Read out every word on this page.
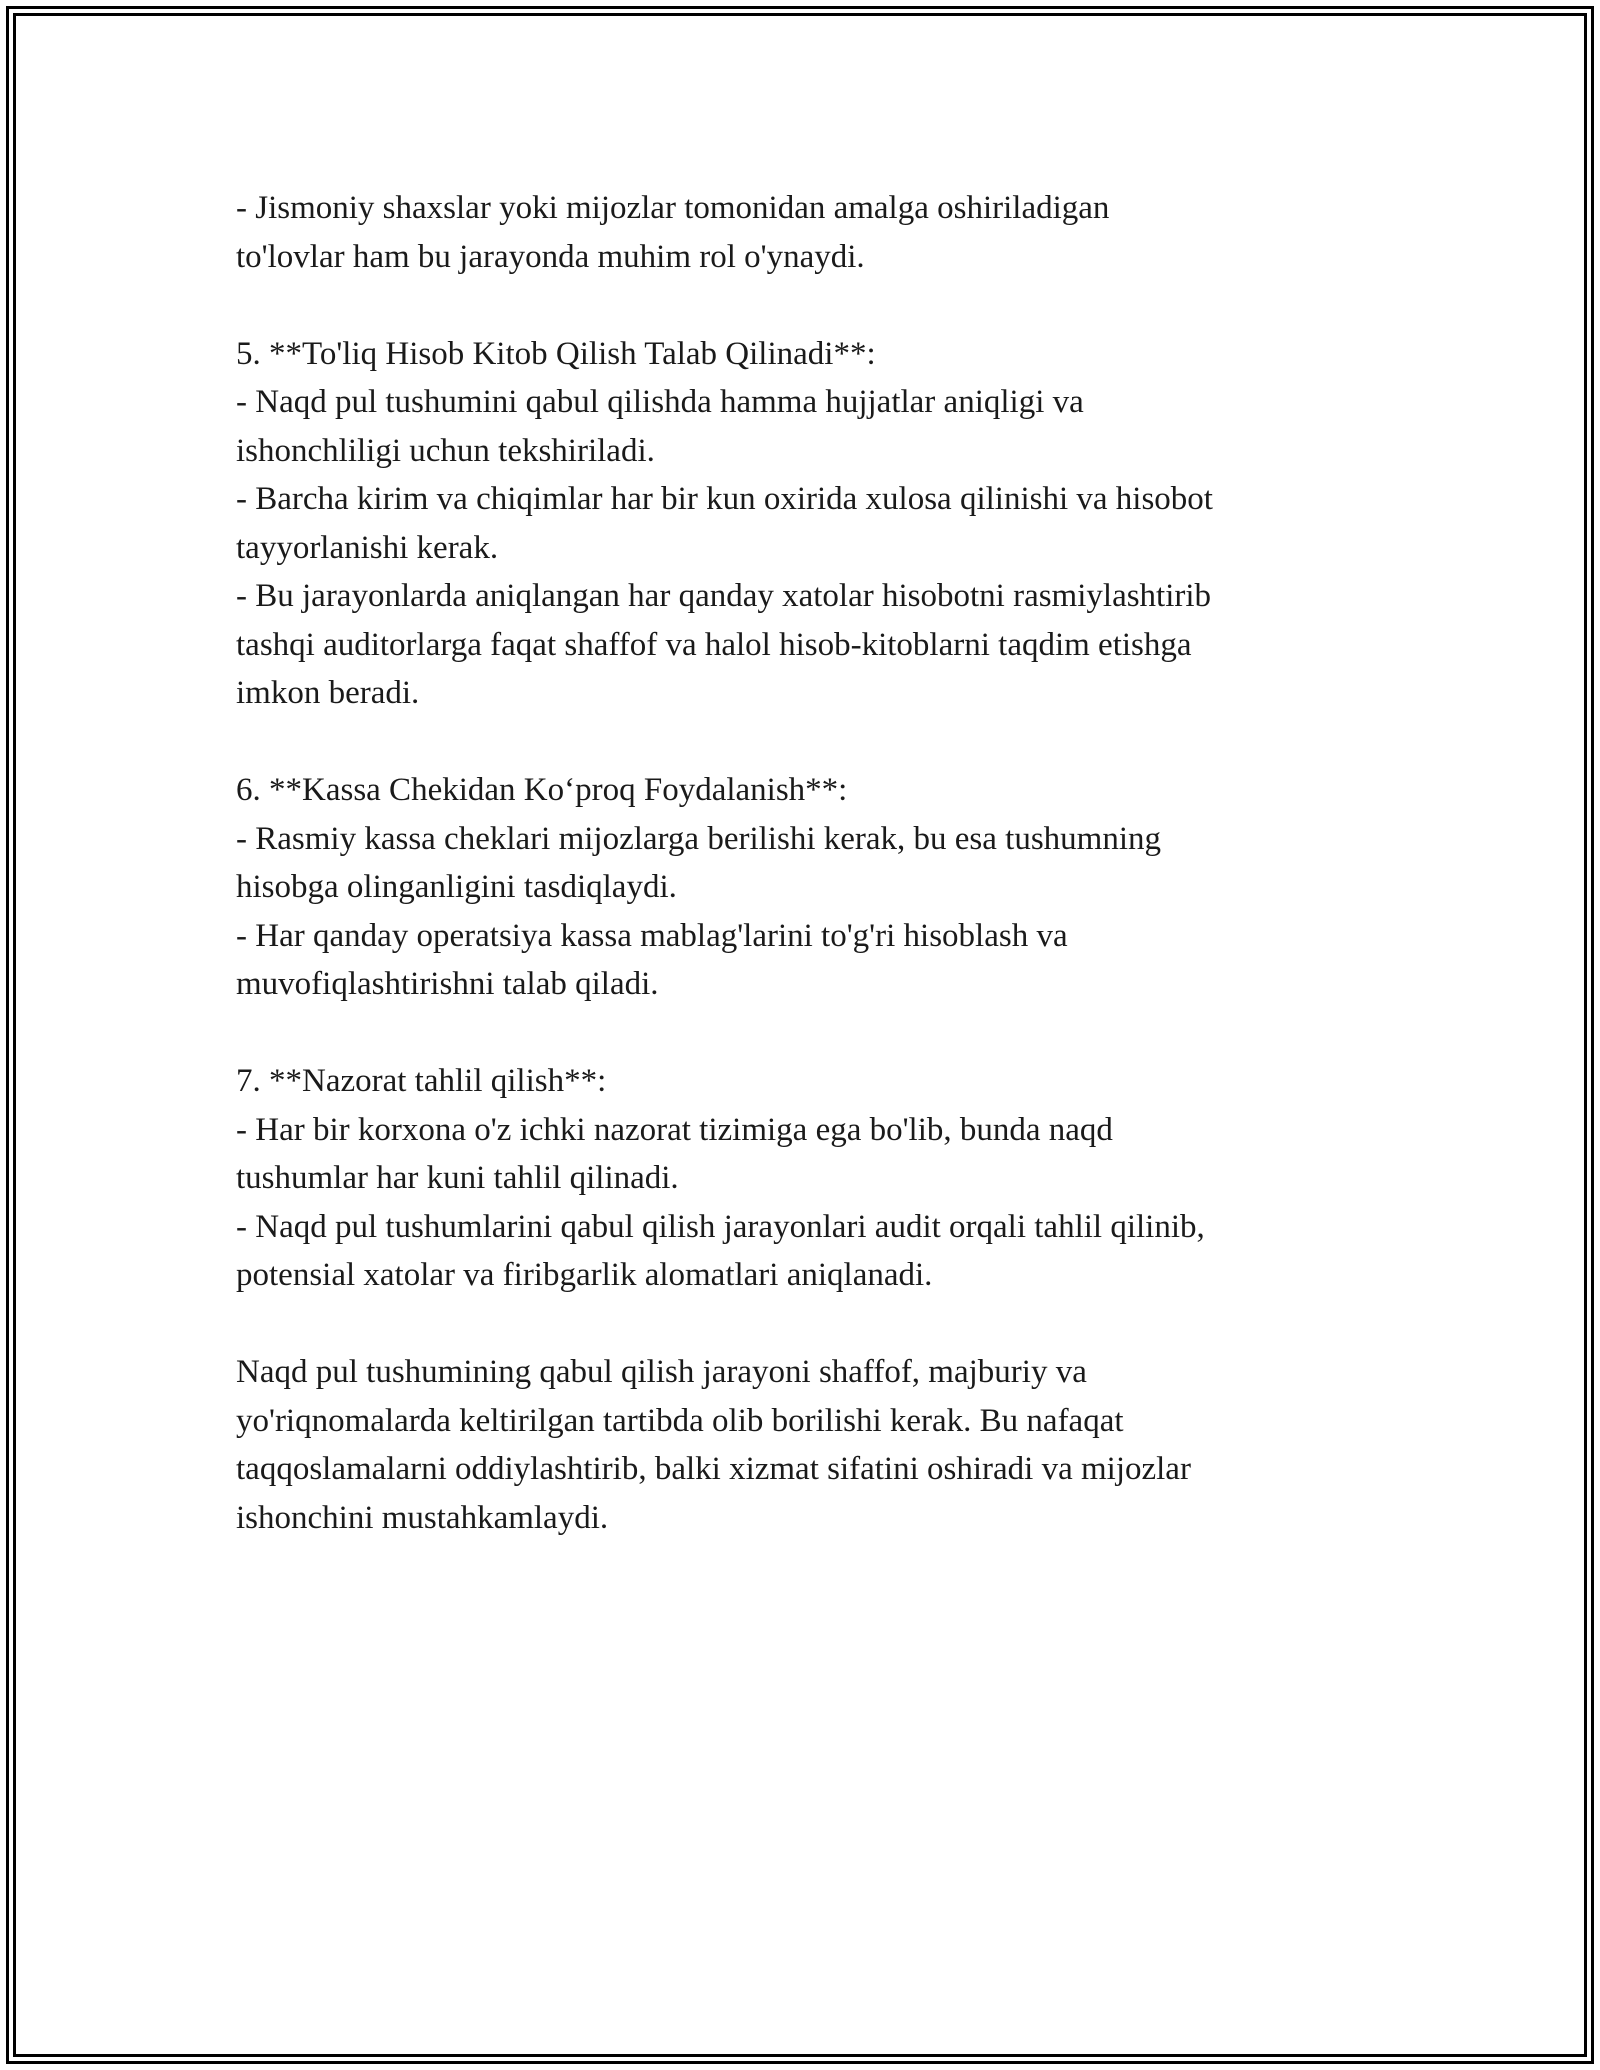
- Jismoniy shaxslar yoki mijozlar tomonidan amalga oshiriladigan

to'lovlar ham bu jarayonda muhim rol o'ynaydi.

5. **To'liq Hisob Kitob Qilish Talab Qilinadi**:

- Naqd pul tushumini qabul qilishda hamma hujjatlar aniqligi va

ishonchliligi uchun tekshiriladi.

- Barcha kirim va chiqimlar har bir kun oxirida xulosa qilinishi va hisobot

tayyorlanishi kerak.

- Bu jarayonlarda aniqlangan har qanday xatolar hisobotni rasmiylashtirib

tashqi auditorlarga faqat shaffof va halol hisob-kitoblarni taqdim etishga

imkon beradi.

6. **Kassa Chekidan Ko‘proq Foydalanish**:

- Rasmiy kassa cheklari mijozlarga berilishi kerak, bu esa tushumning

hisobga olinganligini tasdiqlaydi.

- Har qanday operatsiya kassa mablag'larini to'g'ri hisoblash va

muvofiqlashtirishni talab qiladi.

7. **Nazorat tahlil qilish**:

- Har bir korxona o'z ichki nazorat tizimiga ega bo'lib, bunda naqd

tushumlar har kuni tahlil qilinadi.

- Naqd pul tushumlarini qabul qilish jarayonlari audit orqali tahlil qilinib,

potensial xatolar va firibgarlik alomatlari aniqlanadi.

Naqd pul tushumining qabul qilish jarayoni shaffof, majburiy va

yo'riqnomalarda keltirilgan tartibda olib borilishi kerak. Bu nafaqat

taqqoslamalarni oddiylashtirib, balki xizmat sifatini oshiradi va mijozlar

ishonchini mustahkamlaydi.
